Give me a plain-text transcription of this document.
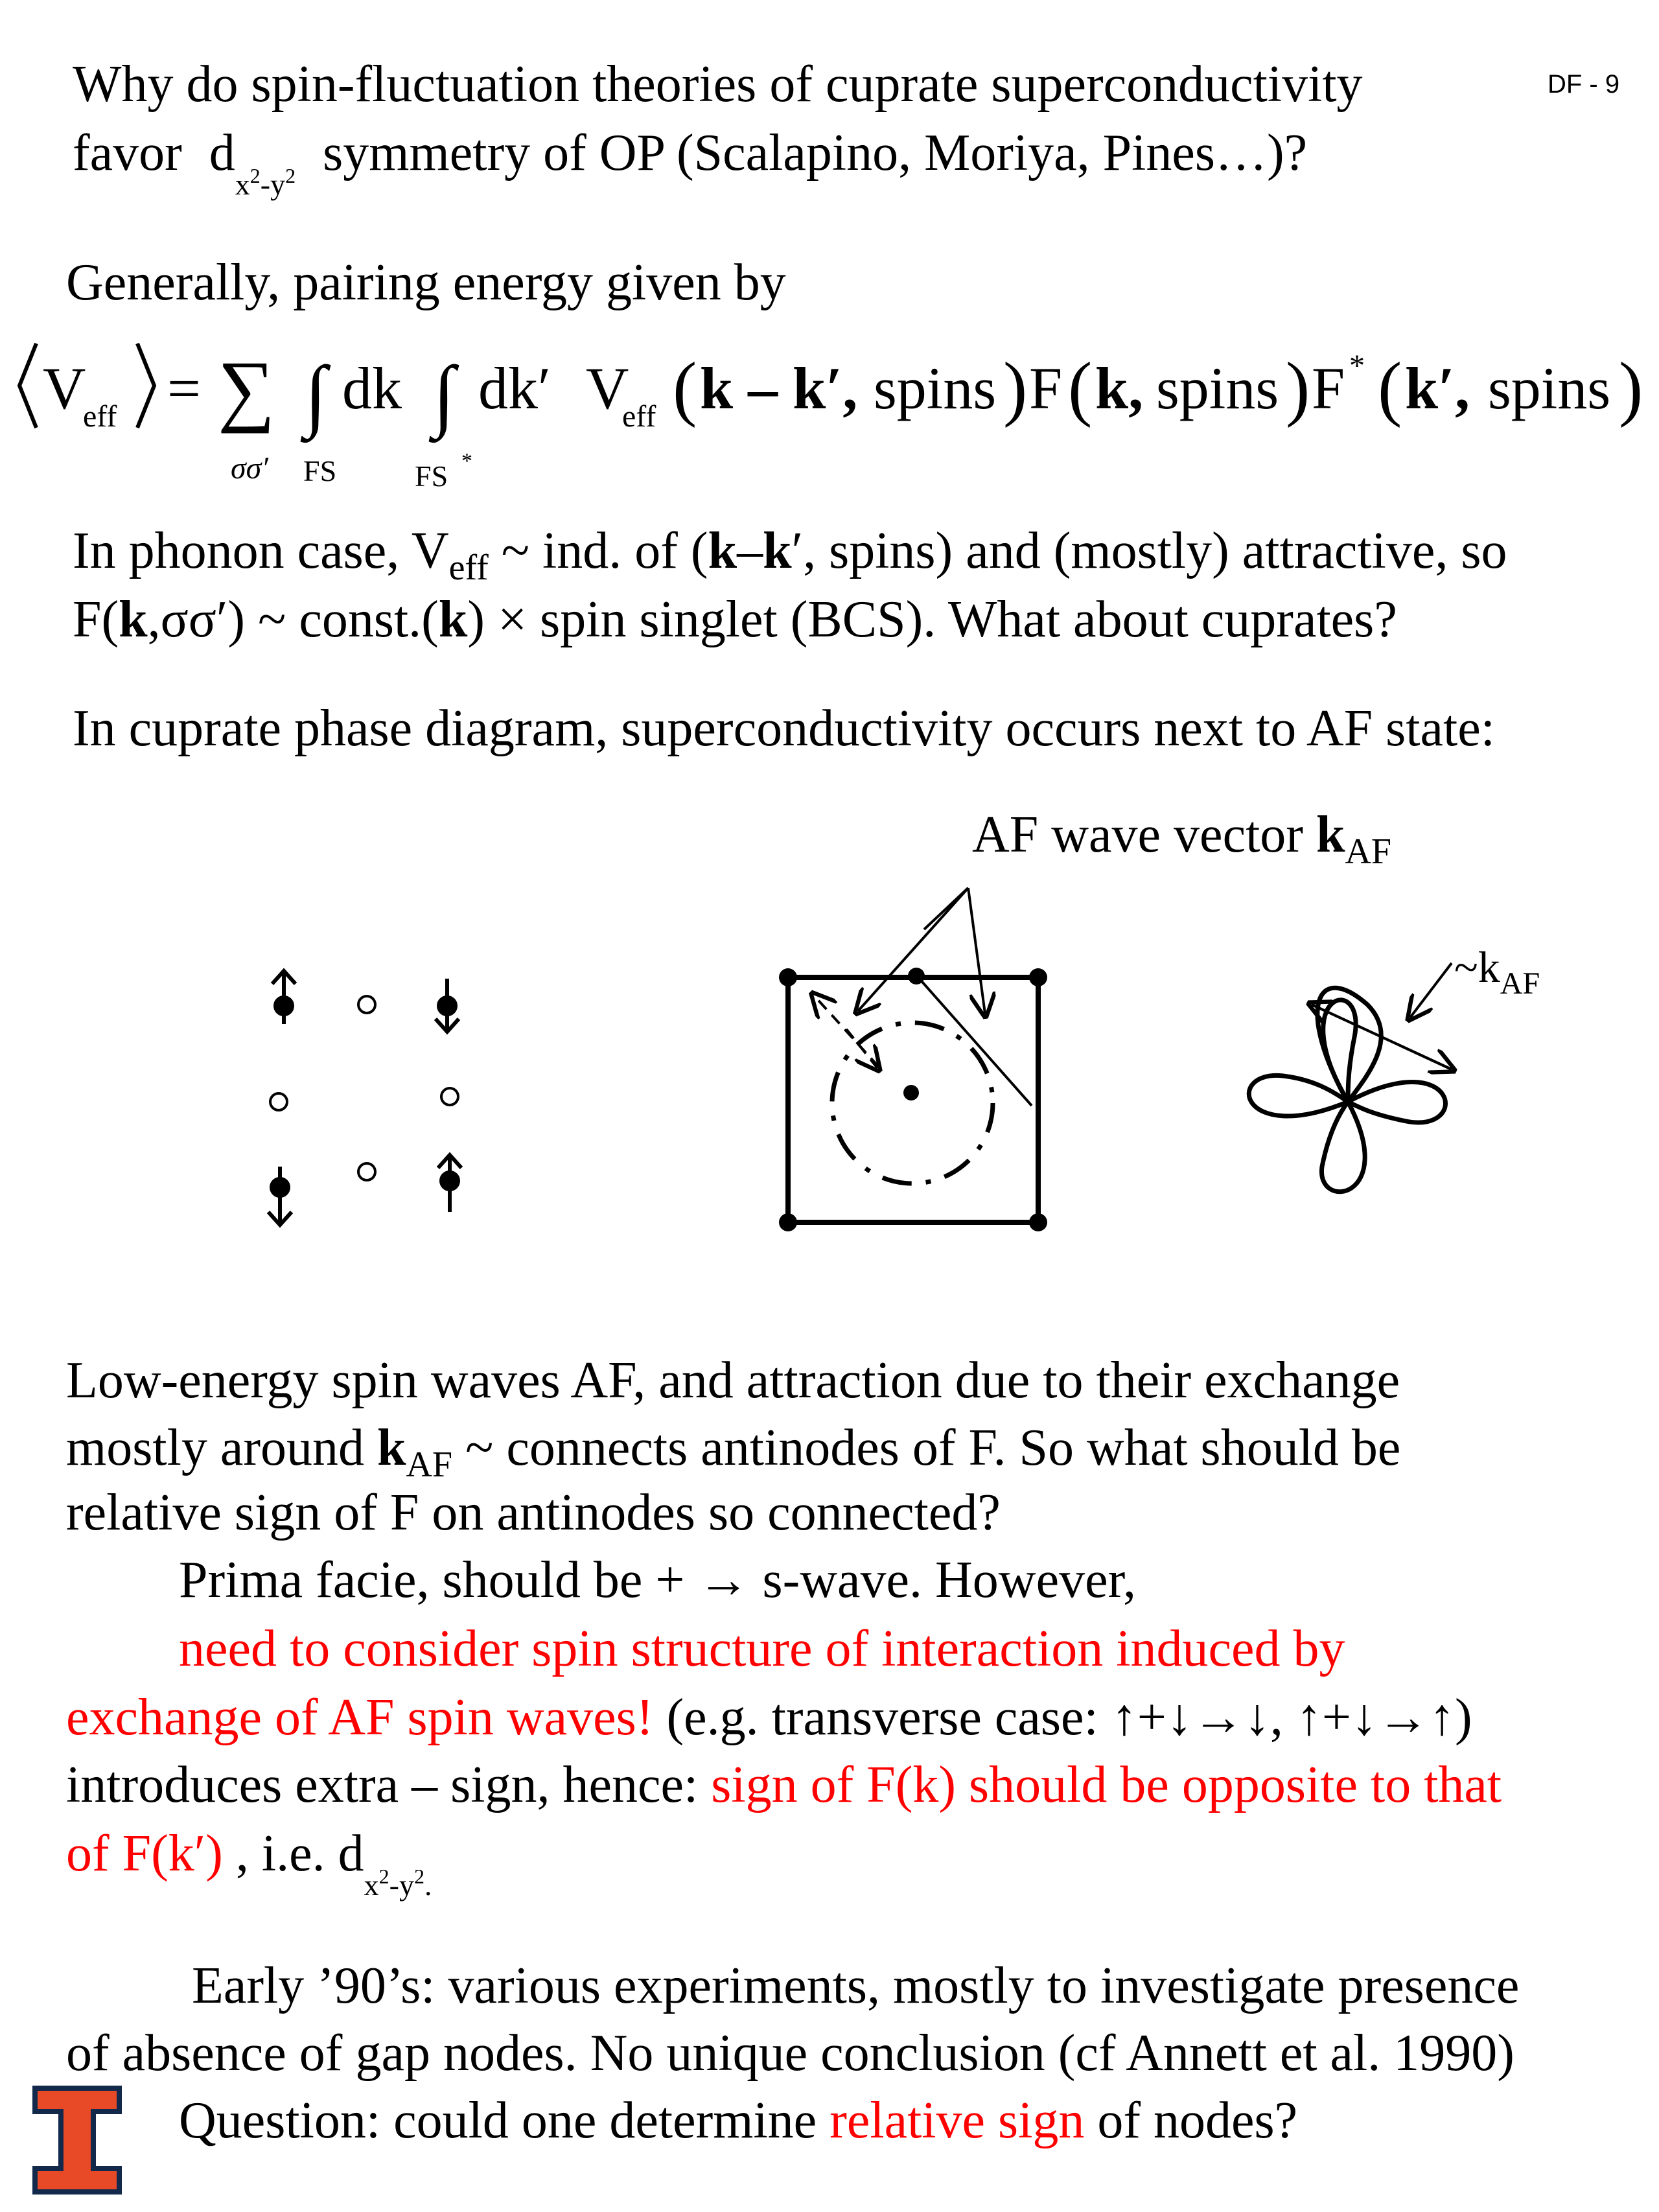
DF - 9
Why do spin-fluctuation theories of cuprate superconductivity
favor $d_{x^2-y^2}$ symmetry of OP (Scalapino, Moriya, Pines…)?
Generally, pairing energy given by
V
eff = ∑
σσ′
∫
FS
dk ∫
FS *
dk′ V
eff ( k – k′, spins ) F ( k, spins ) F * ( k′, spins )
In phonon case, $V_{eff}$ ~ ind. of (k–k′, spins) and (mostly) attractive, so
F(k,σσ′) ~ const.(k) × spin singlet (BCS). What about cuprates?
In cuprate phase diagram, superconductivity occurs next to AF state:
AF wave vector $k_{AF}$
$\sim k_{AF}$
Low-energy spin waves AF, and attraction due to their exchange
mostly around $k_{AF}$ ~ connects antinodes of F. So what should be
relative sign of F on antinodes so connected?
Prima facie, should be + → s-wave. However,
need to consider spin structure of interaction induced by
exchange of AF spin waves! (e.g. transverse case: ↑+↓→↓, ↑+↓→↑)
introduces extra – sign, hence: sign of F(k) should be opposite to that
of F(k′) , i.e. $d_{x^2-y^2.}$
Early ’90’s: various experiments, mostly to investigate presence
of absence of gap nodes. No unique conclusion (cf Annett et al. 1990)
Question: could one determine relative sign of nodes?
